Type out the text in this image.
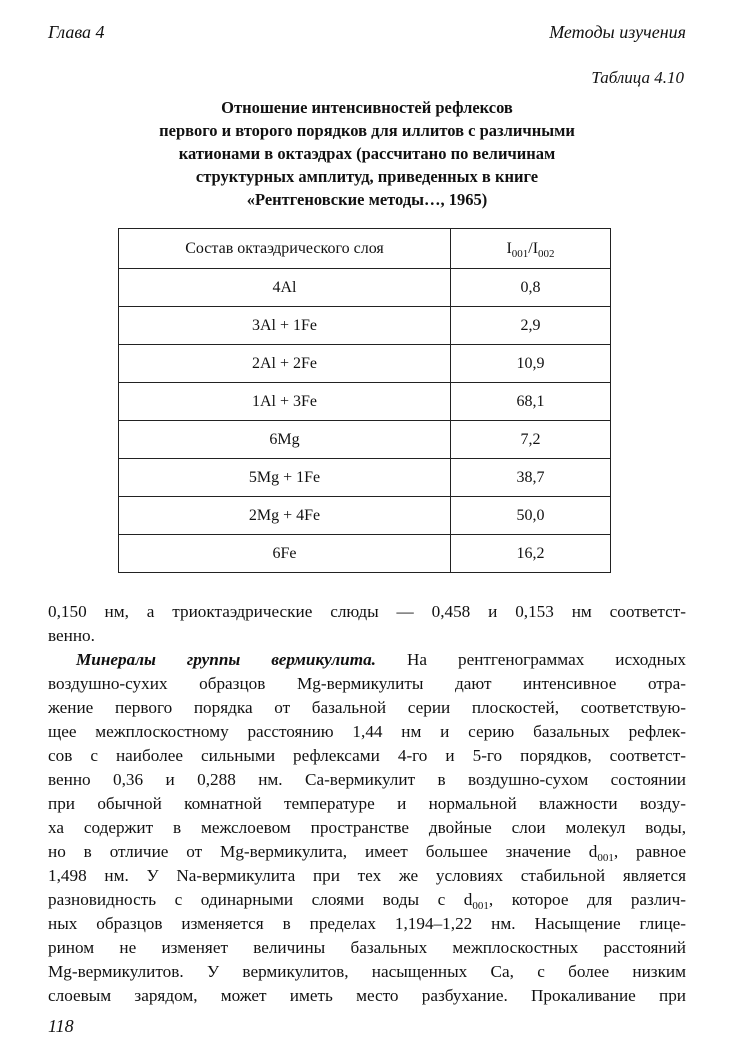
Глава 4	Методы изучения
Таблица 4.10
Отношение интенсивностей рефлексов
первого и второго порядков для иллитов с различными
катионами в октаэдрах (рассчитано по величинам
структурных амплитуд, приведенных в книге
«Рентгеновские методы…, 1965)
Состав октаэдрического слоя	$I_{001}/I_{002}$
4Al	0,8
3Al + 1Fe	2,9
2Al + 2Fe	10,9
1Al + 3Fe	68,1
6Mg	7,2
5Mg + 1Fe	38,7
2Mg + 4Fe	50,0
6Fe	16,2
0,150 нм, а триоктаэдрические слюды — 0,458 и 0,153 нм соответст-
венно.
Минералы группы вермикулита. На рентгенограммах исходных
воздушно-сухих образцов Mg-вермикулиты дают интенсивное отра-
жение первого порядка от базальной серии плоскостей, соответствую-
щее межплоскостному расстоянию 1,44 нм и серию базальных рефлек-
сов с наиболее сильными рефлексами 4-го и 5-го порядков, соответст-
венно 0,36 и 0,288 нм. Ca-вермикулит в воздушно-сухом состоянии
при обычной комнатной температуре и нормальной влажности возду-
ха содержит в межслоевом пространстве двойные слои молекул воды,
но в отличие от Mg-вермикулита, имеет большее значение $d_{001}$, равное
1,498 нм. У Na-вермикулита при тех же условиях стабильной является
разновидность с одинарными слоями воды с $d_{001}$, которое для различ-
ных образцов изменяется в пределах 1,194–1,22 нм. Насыщение глице-
рином не изменяет величины базальных межплоскостных расстояний
Mg-вермикулитов. У вермикулитов, насыщенных Ca, с более низким
слоевым зарядом, может иметь место разбухание. Прокаливание при
118
